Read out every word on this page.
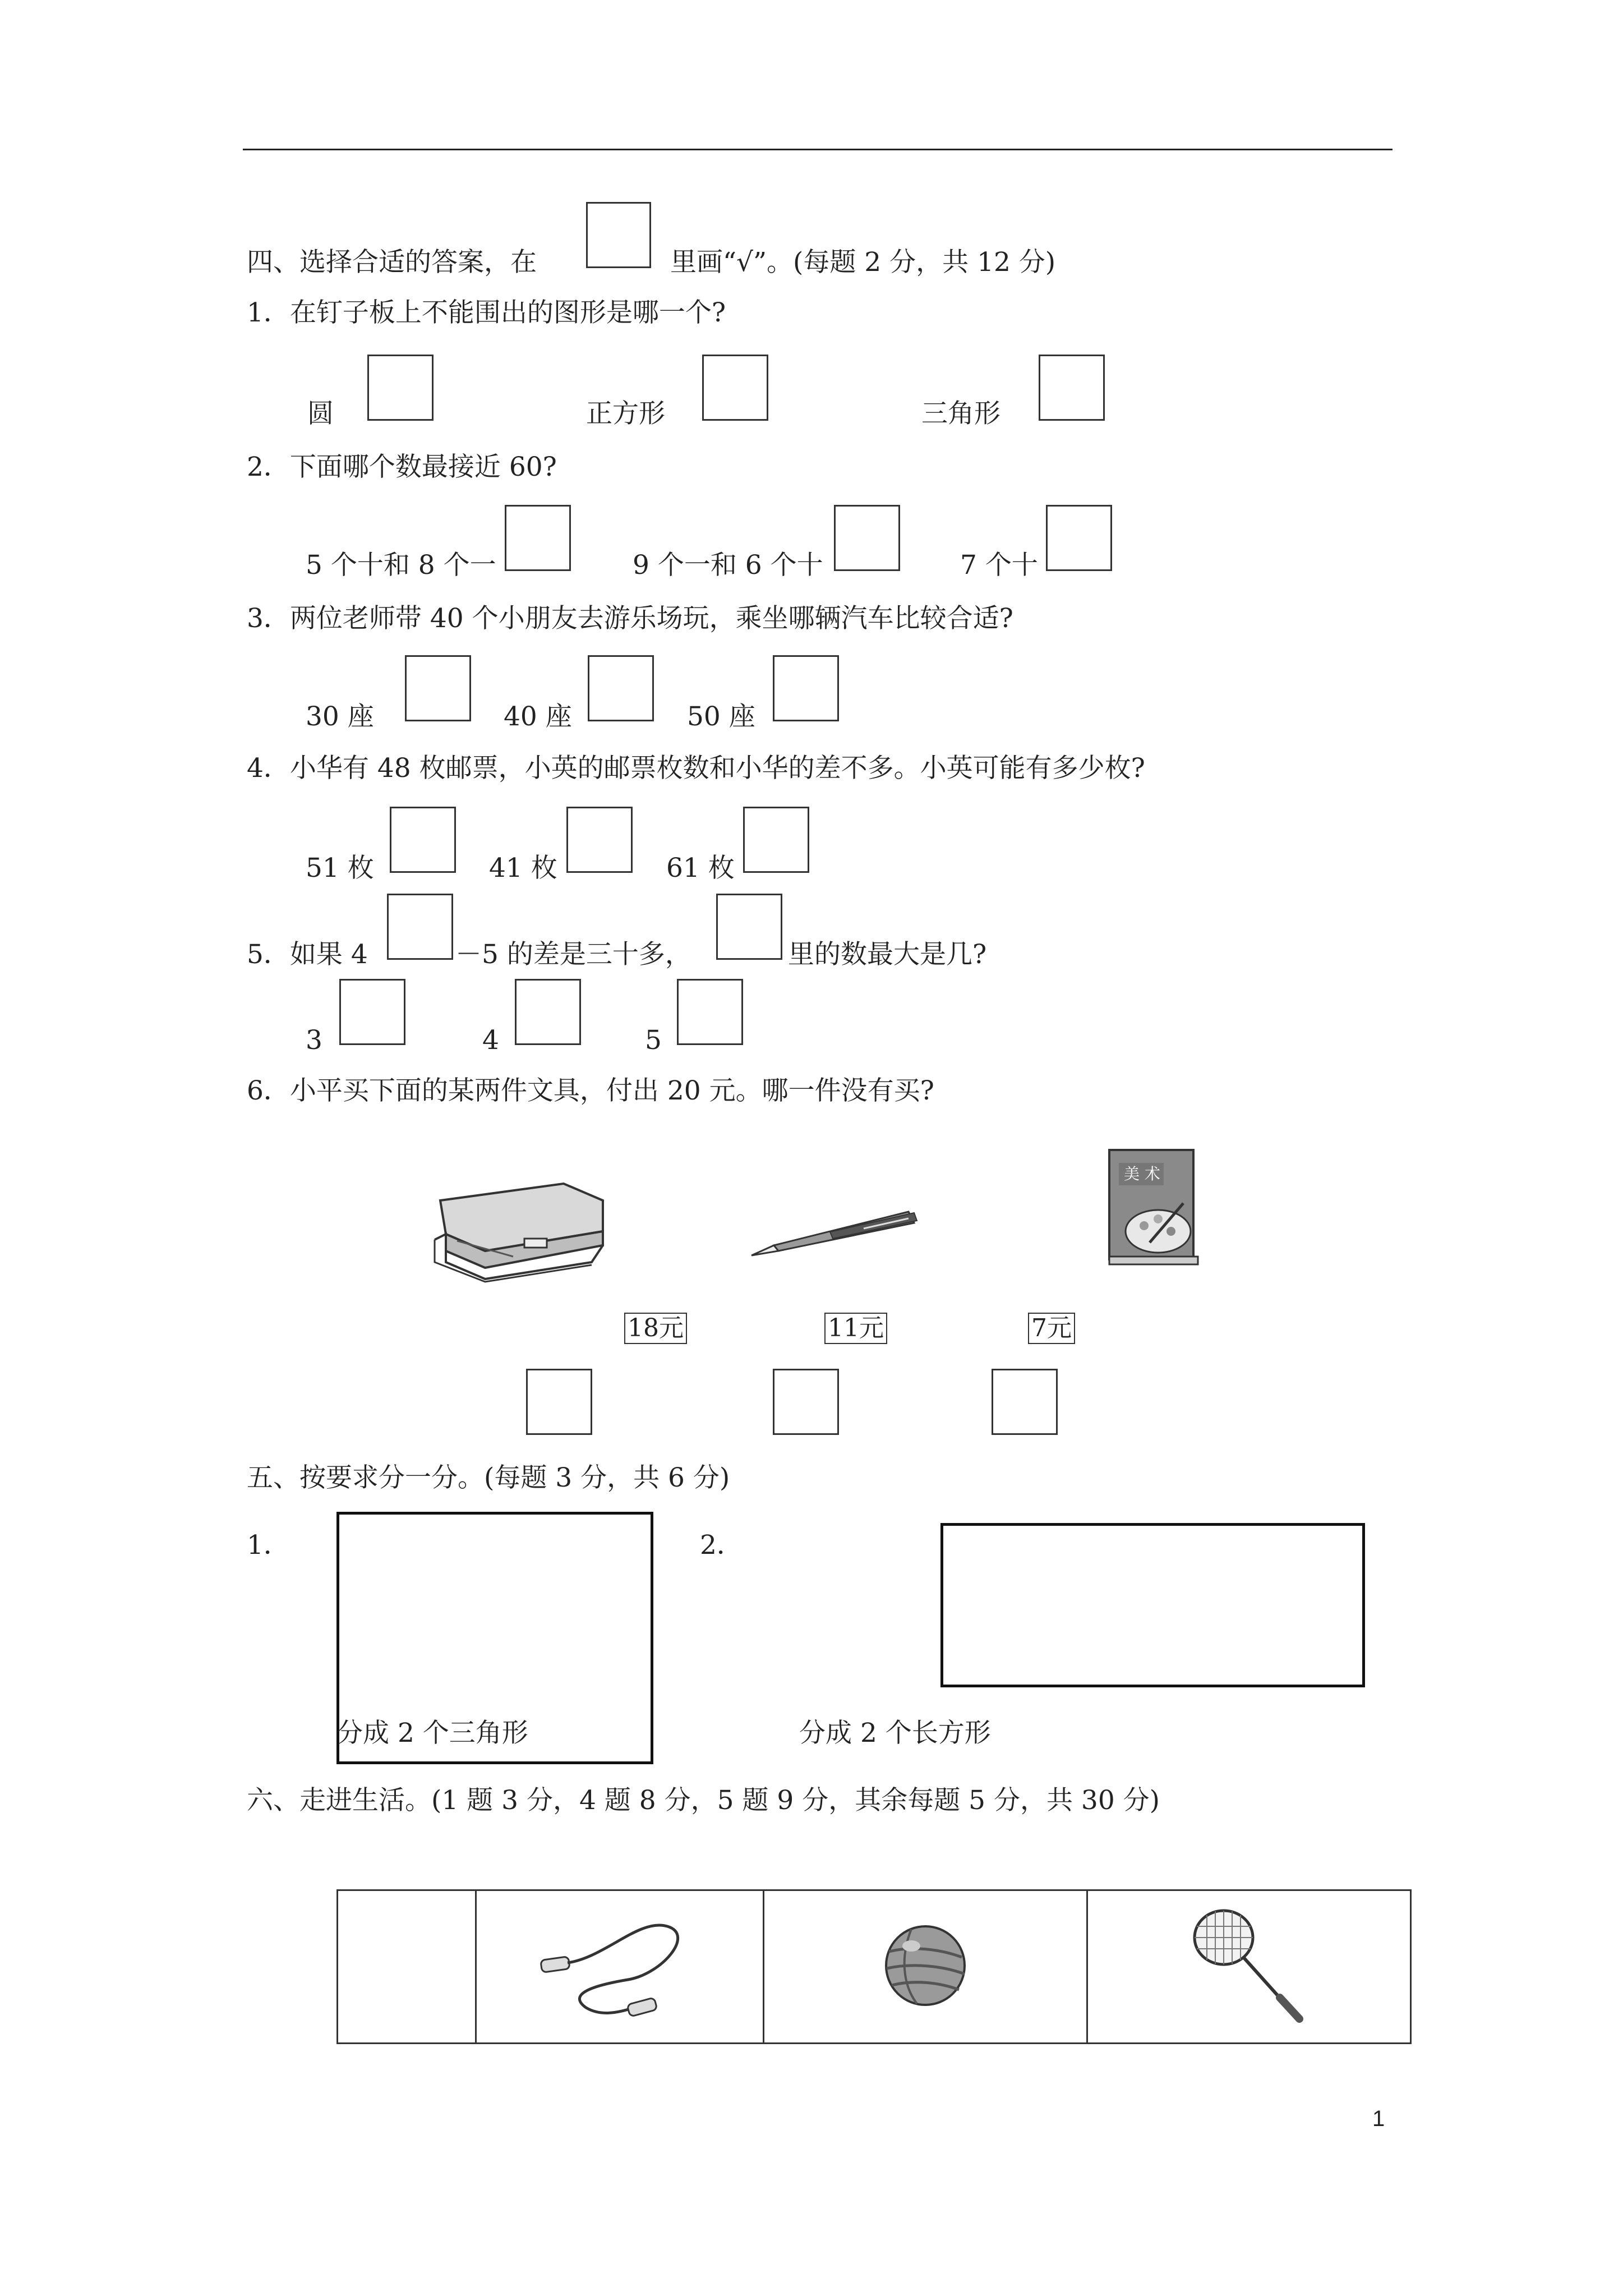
四、选择合适的答案，在	里画“√”。(每题 2 分，共 12 分)
1．在钉子板上不能围出的图形是哪一个?
圆	正方形	三角形
2．下面哪个数最接近 60?
5 个十和 8 个一	9 个一和 6 个十	7 个十
3．两位老师带 40 个小朋友去游乐场玩，乘坐哪辆汽车比较合适?
30 座	40 座	50 座
4．小华有 48 枚邮票，小英的邮票枚数和小华的差不多。小英可能有多少枚?
51 枚	41 枚	61 枚
5．如果 4	－5 的差是三十多，	里的数最大是几?
3	4	5
6．小平买下面的某两件文具，付出 20 元。哪一件没有买?
美 术
18元	11元	7元
五、按要求分一分。(每题 3 分，共 6 分)
1．
分成 2 个三角形
2．
分成 2 个长方形
六、走进生活。(1 题 3 分，4 题 8 分，5 题 9 分，其余每题 5 分，共 30 分)

1
